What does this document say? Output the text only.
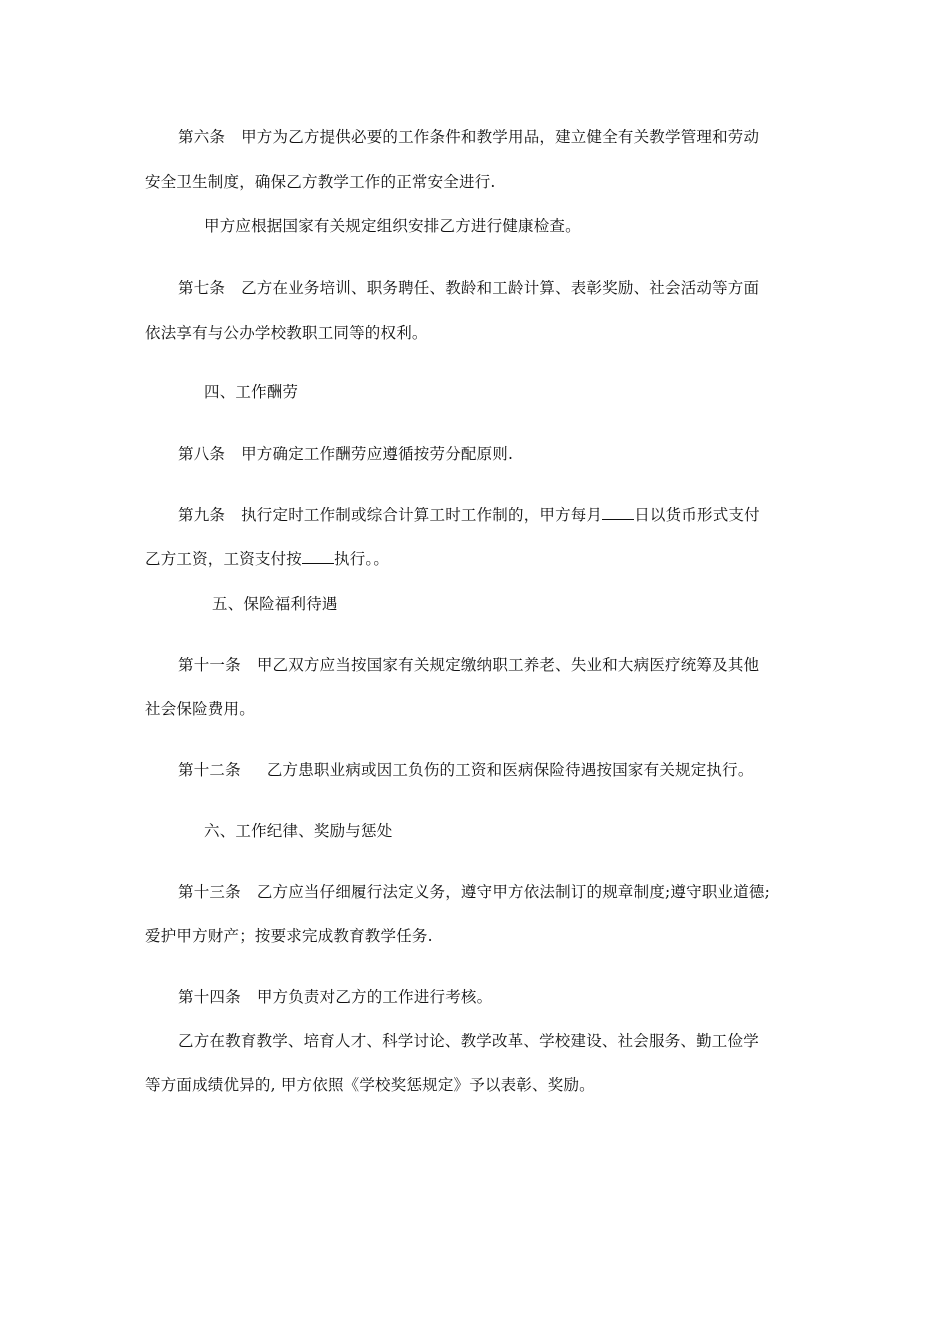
第六条 甲方为乙方提供必要的工作条件和教学用品，建立健全有关教学管理和劳动
安全卫生制度，确保乙方教学工作的正常安全进行.
甲方应根据国家有关规定组织安排乙方进行健康检查。
第七条 乙方在业务培训、职务聘任、教龄和工龄计算、表彰奖励、社会活动等方面
依法享有与公办学校教职工同等的权利。
四、工作酬劳
第八条 甲方确定工作酬劳应遵循按劳分配原则.
第九条 执行定时工作制或综合计算工时工作制的，甲方每月 日以货币形式支付
乙方工资，工资支付按 执行。。
五、保险福利待遇
第十一条 甲乙双方应当按国家有关规定缴纳职工养老、失业和大病医疗统筹及其他
社会保险费用。
第十二条 乙方患职业病或因工负伤的工资和医病保险待遇按国家有关规定执行。
六、工作纪律、奖励与惩处
第十三条 乙方应当仔细履行法定义务，遵守甲方依法制订的规章制度;遵守职业道德;
爱护甲方财产；按要求完成教育教学任务.
第十四条 甲方负责对乙方的工作进行考核。
乙方在教育教学、培育人才、科学讨论、教学改革、学校建设、社会服务、勤工俭学
等方面成绩优异的, 甲方依照《学校奖惩规定》予以表彰、奖励。
